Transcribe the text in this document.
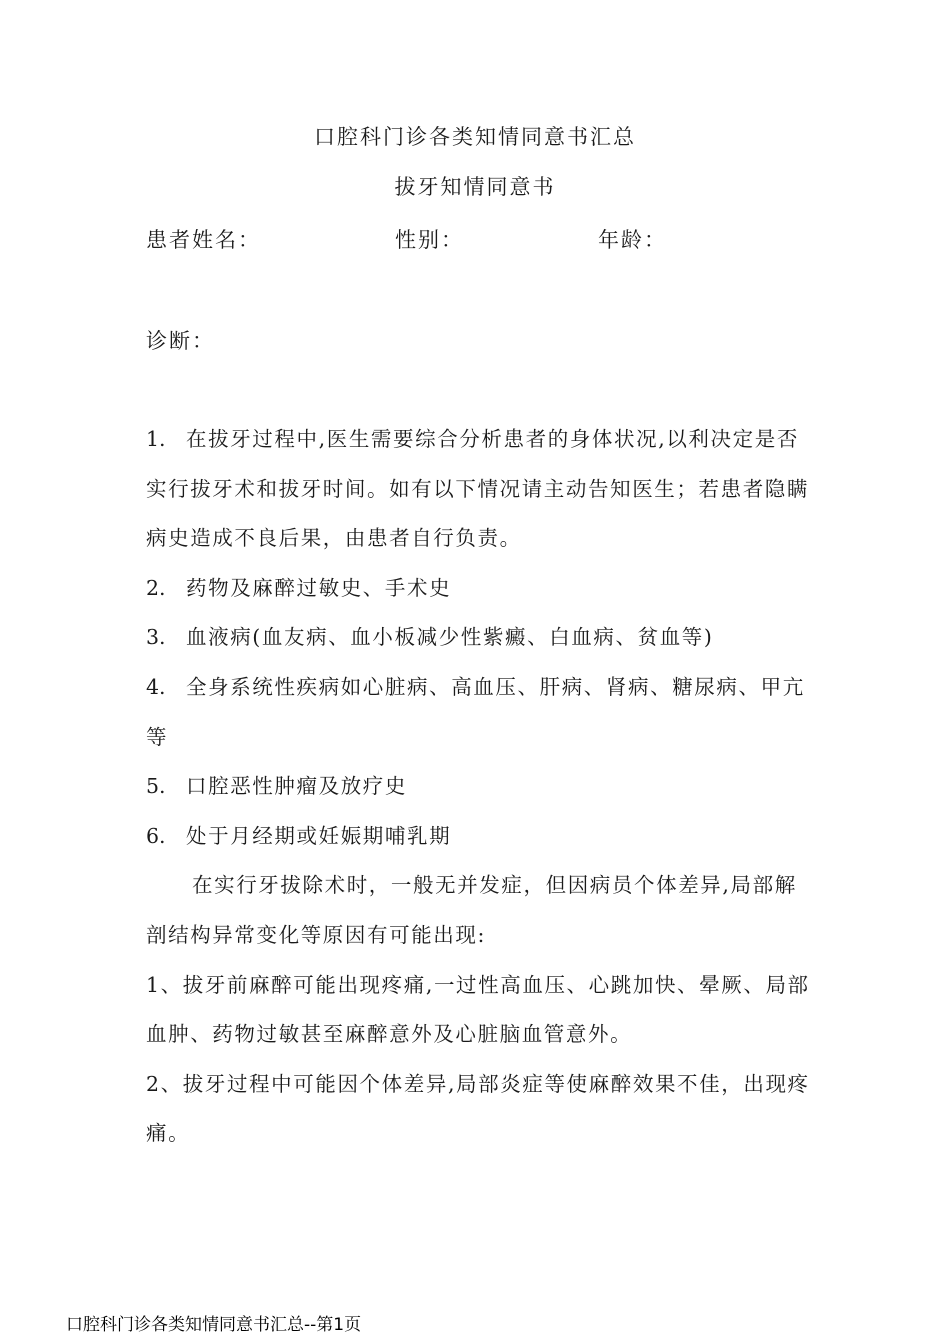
口腔科门诊各类知情同意书汇总
拔牙知情同意书
患者姓名：	性别：	年龄：
诊断：

1. 在拔牙过程中,医生需要综合分析患者的身体状况,以利决定是否实行拔牙术和拔牙时间。如有以下情况请主动告知医生；若患者隐瞒病史造成不良后果，由患者自行负责。

2. 药物及麻醉过敏史、手术史

3. 血液病(血友病、血小板减少性紫癜、白血病、贫血等)

4. 全身系统性疾病如心脏病、高血压、肝病、肾病、糖尿病、甲亢等

5. 口腔恶性肿瘤及放疗史

6. 处于月经期或妊娠期哺乳期

在实行牙拔除术时，一般无并发症，但因病员个体差异,局部解剖结构异常变化等原因有可能出现:

1、拔牙前麻醉可能出现疼痛,一过性高血压、心跳加快、晕厥、局部血肿、药物过敏甚至麻醉意外及心脏脑血管意外。

2、拔牙过程中可能因个体差异,局部炎症等使麻醉效果不佳，出现疼痛。

口腔科门诊各类知情同意书汇总--第1页
